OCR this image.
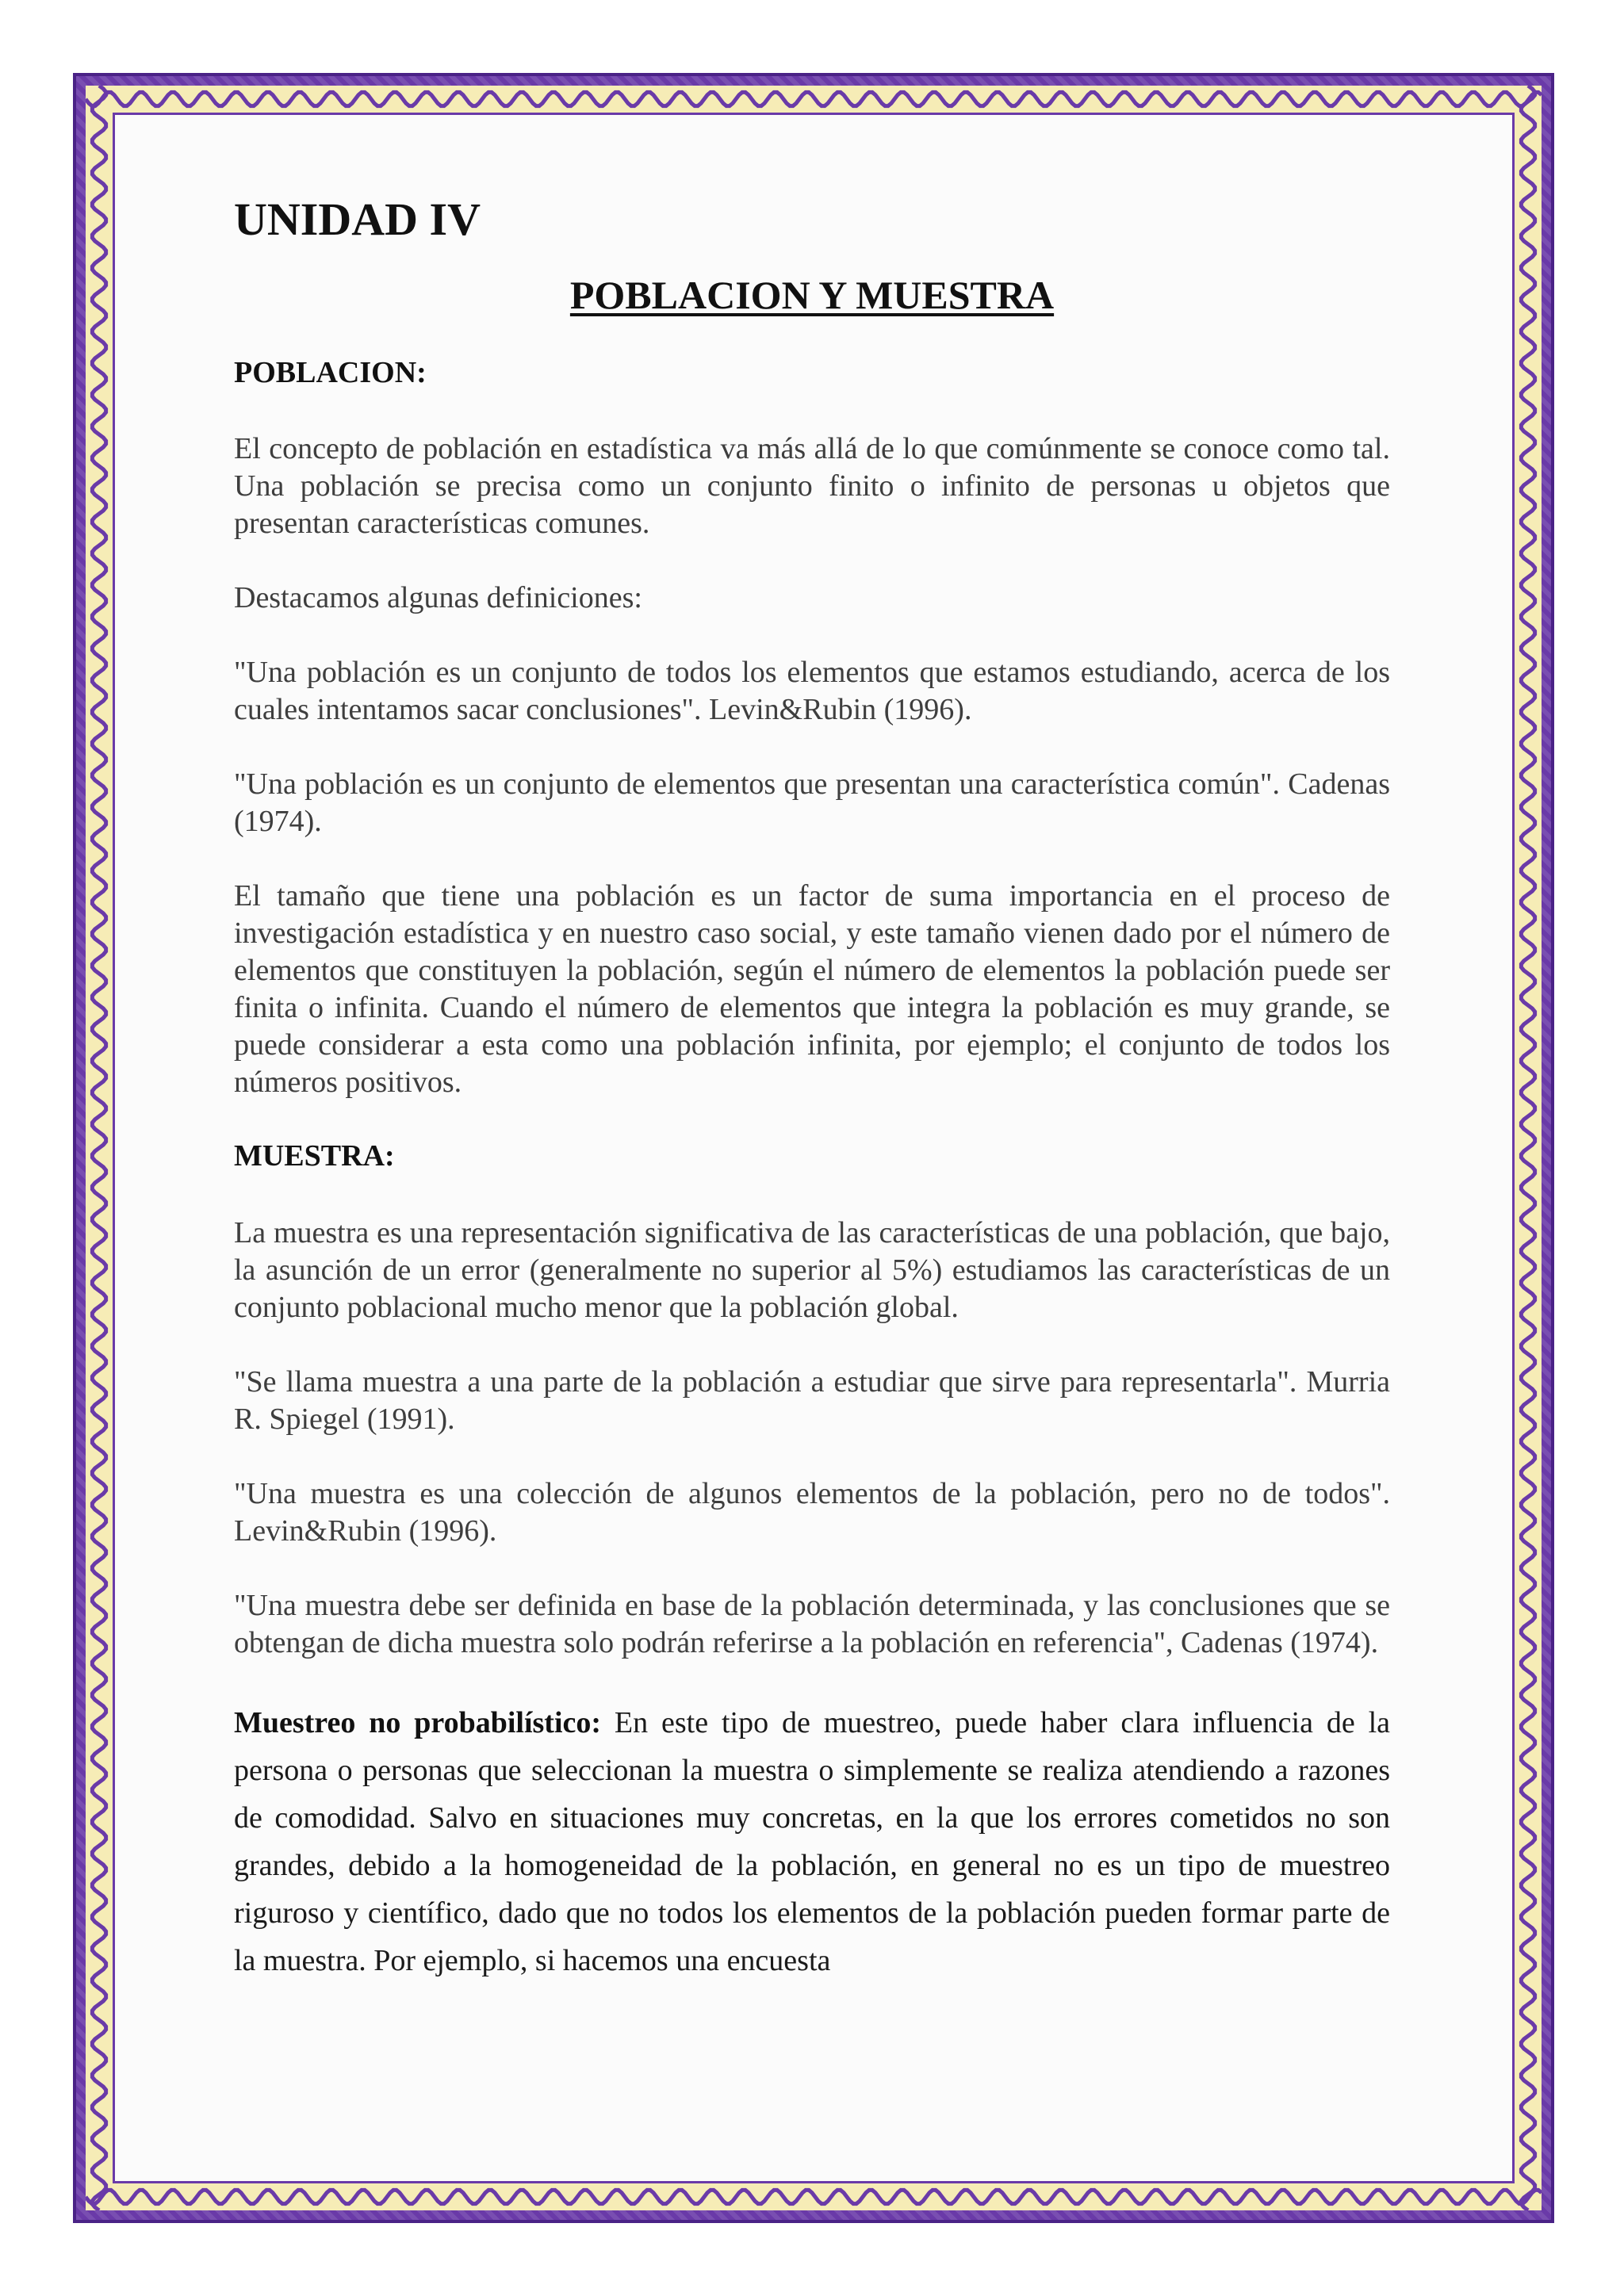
UNIDAD IV
POBLACION Y MUESTRA
POBLACION:

El concepto de población en estadística va más allá de lo que comúnmente se conoce como tal. Una población se precisa como un conjunto finito o infinito de personas u objetos que presentan características comunes.

Destacamos algunas definiciones:

"Una población es un conjunto de todos los elementos que estamos estudiando, acerca de los cuales intentamos sacar conclusiones". Levin&Rubin (1996).

"Una población es un conjunto de elementos que presentan una característica común". Cadenas (1974).

El tamaño que tiene una población es un factor de suma importancia en el proceso de investigación estadística y en nuestro caso social, y este tamaño vienen dado por el número de elementos que constituyen la población, según el número de elementos la población puede ser finita o infinita. Cuando el número de elementos que integra la población es muy grande, se puede considerar a esta como una población infinita, por ejemplo; el conjunto de todos los números positivos.

MUESTRA:

La muestra es una representación significativa de las características de una población, que bajo, la asunción de un error (generalmente no superior al 5%) estudiamos las características de un conjunto poblacional mucho menor que la población global.

"Se llama muestra a una parte de la población a estudiar que sirve para representarla". Murria R. Spiegel (1991).

"Una muestra es una colección de algunos elementos de la población, pero no de todos". Levin&Rubin (1996).

"Una muestra debe ser definida en base de la población determinada, y las conclusiones que se obtengan de dicha muestra solo podrán referirse a la población en referencia", Cadenas (1974).

Muestreo no probabilístico: En este tipo de muestreo, puede haber clara influencia de la persona o personas que seleccionan la muestra o simplemente se realiza atendiendo a razones de comodidad. Salvo en situaciones muy concretas, en la que los errores cometidos no son grandes, debido a la homogeneidad de la población, en general no es un tipo de muestreo riguroso y científico, dado que no todos los elementos de la población pueden formar parte de la muestra. Por ejemplo, si hacemos una encuesta
